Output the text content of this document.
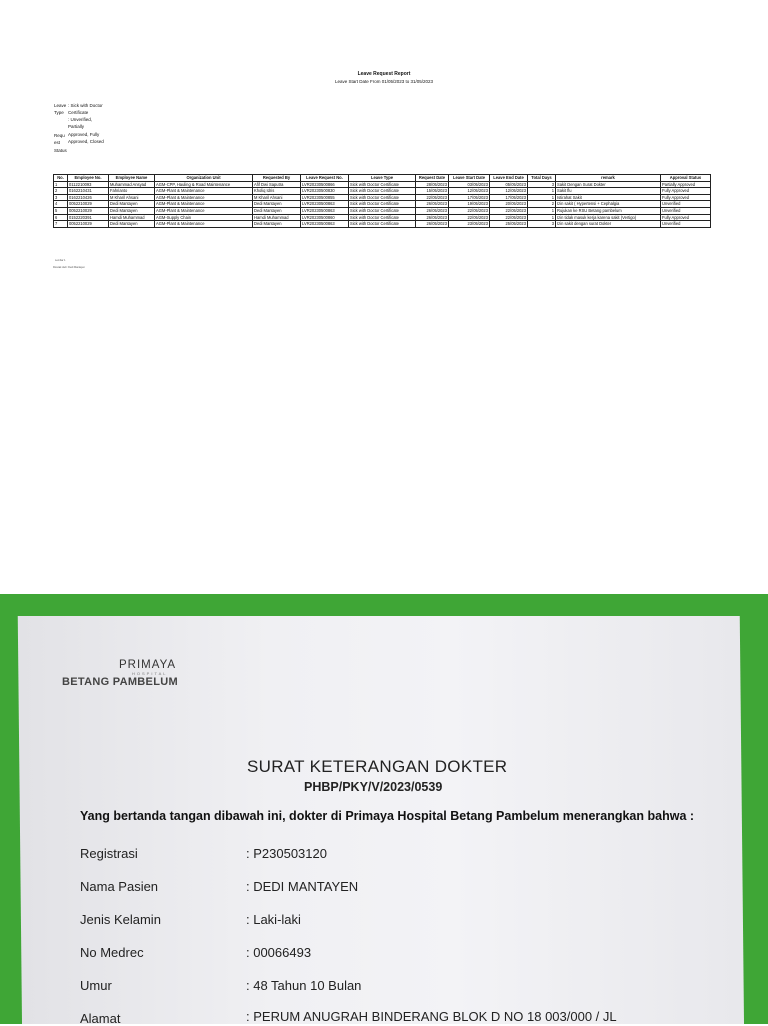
Leave Request Report
Leave Start Date From 01/05/2023 to 31/05/2023
Leave Type
: Sick with Doctor Certificate
Request Status
: Unverified, Partially Approved, Fully Approved, Closed
No.	Employee No.	Employee Name	Organization Unit	Requested By	Leave Request No.	Leave Type	Request Date	Leave Start Date	Leave End Date	Total Days	remark	Approval Status
1	0112210093	Muhammad Ansyad	AGM-CPP, Hauling & Road Maintenance	Afif Dwi Saputra	LVR20230500866	Sick with Doctor Certificate	28/05/2023	03/05/2023	05/05/2023	3	Sakit Dengan Surat Dokter	Partially Approved
2	0162210431	Fahrianto	AGM-Plant & Maintenance	Kholiq Idris	LVR20230500830	Sick with Doctor Certificate	15/05/2023	12/05/2023	12/05/2023	1	Sakit flu	Fully Approved
3	0162210426	M Kharil Ahsani	AGM-Plant & Maintenance	M Kharil Ahsani	LVR20230500855	Sick with Doctor Certificate	22/05/2023	17/05/2023	17/05/2023	1	Istirahat Sakit	Fully Approved
4	0052210029	Dedi Mantayen	AGM-Plant & Maintenance	Dedi Mantayen	LVR20230500863	Sick with Doctor Certificate	26/05/2023	19/05/2023	20/05/2023	2	Izin sakit ( Hypertensi + Cephalgia	Unverified
5	0052210029	Dedi Mantayen	AGM-Plant & Maintenance	Dedi Mantayen	LVR20230500863	Sick with Doctor Certificate	26/05/2023	22/05/2023	22/05/2023	1	Rujukan ke RSU Betang pambelum	Unverified
6	0152220391	Hamdi Muhammad	AGM-Supply Chain	Hamdi Muhammad	LVR20230500860	Sick with Doctor Certificate	26/05/2023	22/05/2023	22/05/2023	1	Izin tidak masuk kerja karena sakit (Vertigo)	Fully Approved
7	0052210029	Dedi Mantayen	AGM-Plant & Maintenance	Dedi Mantayen	LVR20230500863	Sick with Doctor Certificate	26/05/2023	23/05/2023	25/05/2023	3	Izin sakit dengan surat Dokter	Unverified
Lembar 1
Dicetak oleh: Dedi Mantayen
PRIMAYA
HOSPITAL
BETANG PAMBELUM
SURAT KETERANGAN DOKTER
PHBP/PKY/V/2023/0539
Yang bertanda tangan dibawah ini, dokter di Primaya Hospital Betang Pambelum menerangkan bahwa :
Registrasi	: P230503120
Nama Pasien	: DEDI MANTAYEN
Jenis Kelamin	: Laki-laki
No Medrec	: 00066493
Umur	: 48 Tahun 10 Bulan
Alamat	: PERUM ANUGRAH BINDERANG BLOK D NO 18 003/000 / JL
